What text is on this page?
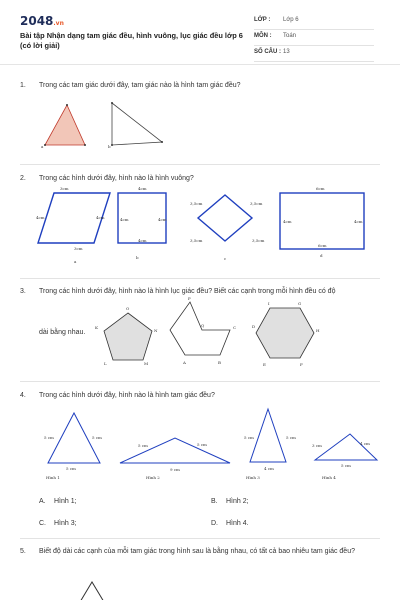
2048.vn
Bài tập Nhận dạng tam giác đều, hình vuông, lục giác đều lớp 6 (có lời giải)
LỚP : Lớp 6
MÔN : Toán
SỐ CÂU : 13
1. Trong các tam giác dưới đây, tam giác nào là hình tam giác đều?
a	b
2. Trong các hình dưới đây, hình nào là hình vuông?
3cm
4cm	4cm
3cm
a
4cm
4cm	4cm
4cm
b
3,5cm	3,5cm
3,5cm	3,5cm
c
6cm
4cm	4cm
6cm
d
3. Trong các hình dưới đây, hình nào là hình lục giác đều? Biết các cạnh trong mỗi hình đều có độ
dài bằng nhau.
O
N
M
L
K
P
C
B
A
Q
I
H
F
E
D
G
4. Trong các hình dưới đây, hình nào là hình tam giác đều?
5 cm	5 cm
5 cm
Hình 1
5 cm	5 cm
9 cm
Hình 2
5 cm	5 cm
4 cm
Hình 3
3 cm	4 cm
5 cm
Hình 4
A. Hình 1;	B. Hình 2;
C. Hình 3;	D. Hình 4.
5. Biết độ dài các cạnh của mỗi tam giác trong hình sau là bằng nhau, có tất cả bao nhiêu tam giác đều?
